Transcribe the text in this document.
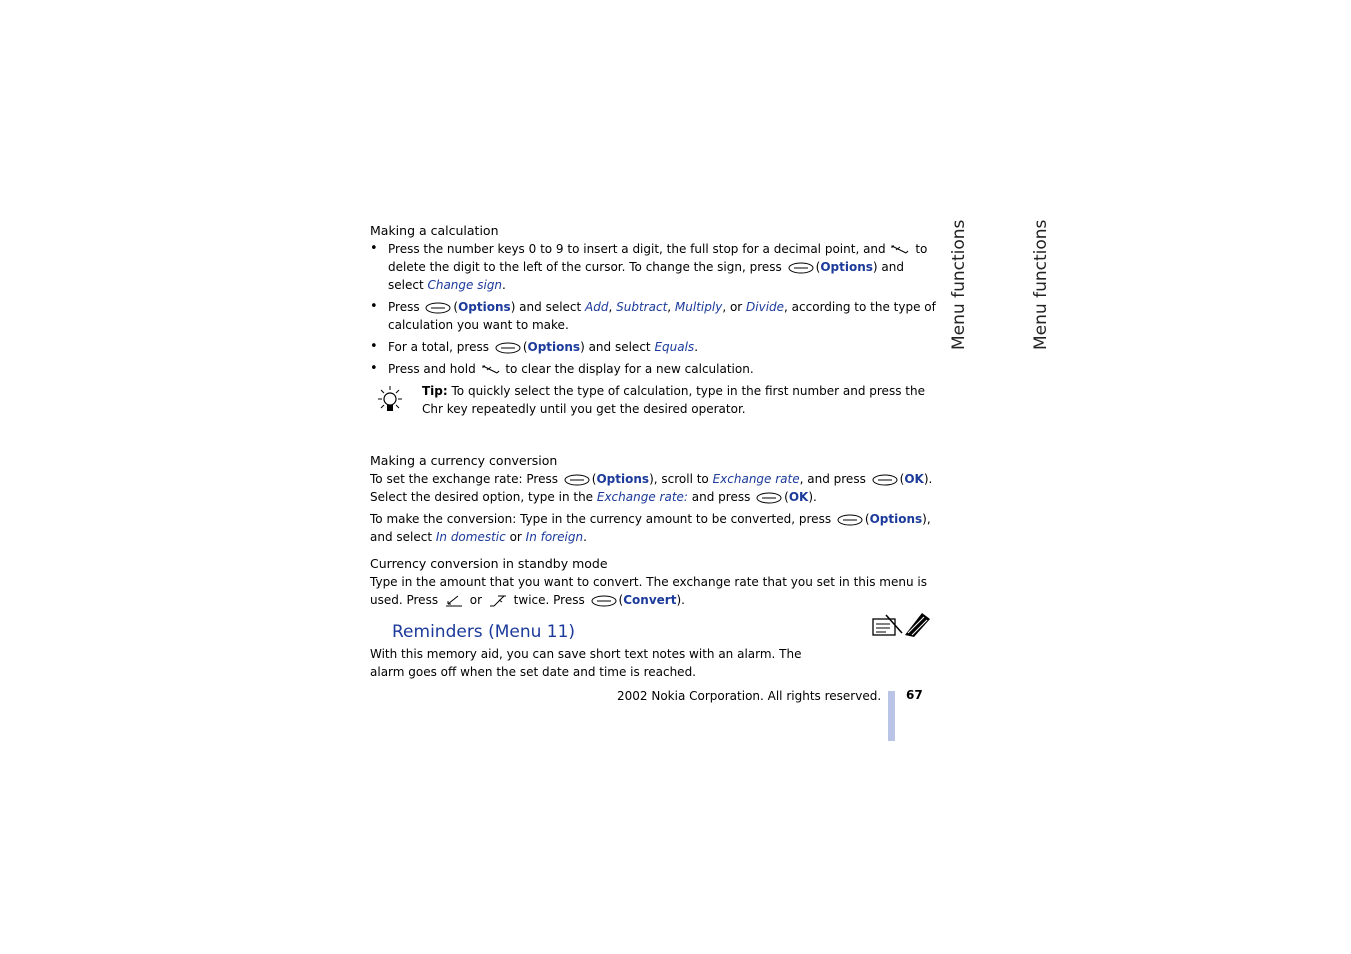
Menu functions	Menu functions
Making a calculation
• Press the number keys 0 to 9 to insert a digit, the full stop for a decimal point, and to delete the digit to the left of the cursor. To change the sign, press	(Options) and select Change sign.
• Press	(Options) and select Add, Subtract, Multiply, or Divide, according to the type of calculation you want to make.
• For a total, press	(Options) and select Equals.
• Press and hold to clear the display for a new calculation.
Tip: To quickly select the type of calculation, type in the first number and press the Chr key repeatedly until you get the desired operator.
Making a currency conversion
To set the exchange rate: Press	(Options), scroll to Exchange rate, and press	(OK). Select the desired option, type in the Exchange rate: and press	(OK).
To make the conversion: Type in the currency amount to be converted, press	(Options), and select In domestic or In foreign.
Currency conversion in standby mode
Type in the amount that you want to convert. The exchange rate that you set in this menu is used. Press	or	twice. Press	(Convert).
Reminders (Menu 11)
With this memory aid, you can save short text notes with an alarm. The alarm goes off when the set date and time is reached.
2002 Nokia Corporation. All rights reserved. 67
